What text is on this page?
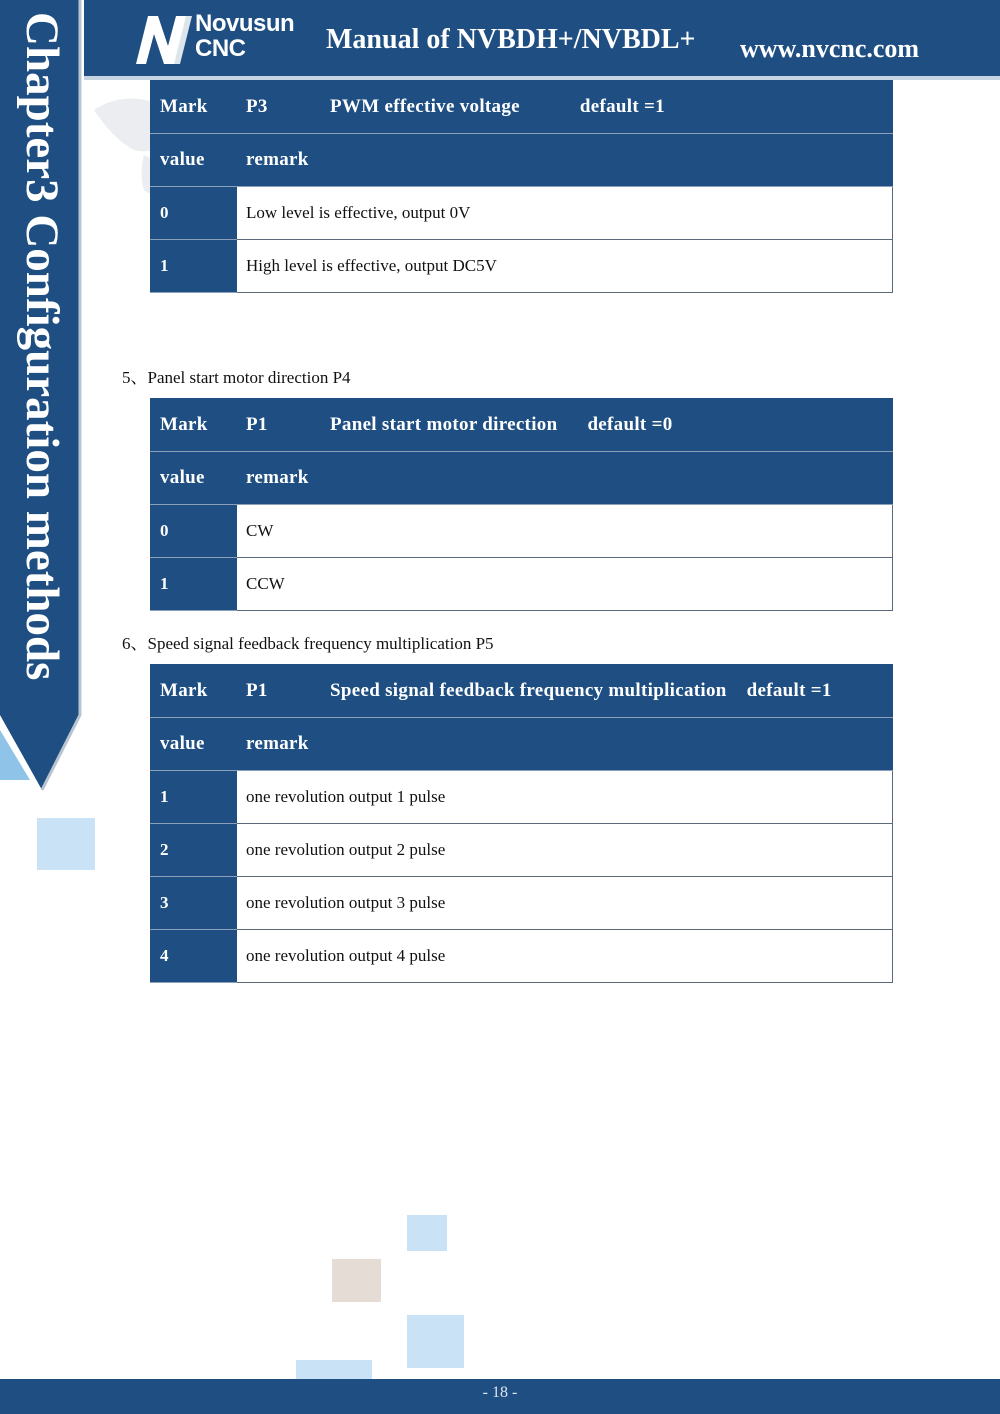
Novusun
CNC	Manual of NVBDH+/NVBDL+ www.nvcnc.com
Chapter3 Configuration methods	Mark	P3	PWM effective voltage default =1
value	remark	
0	Low level is effective, output 0V	
1	High level is effective, output DC5V	
5、Panel start motor direction P4
Mark	P1	Panel start motor direction default =0
value	remark	
0	CW	
1	CCW	
6、Speed signal feedback frequency multiplication P5
Mark	P1	Speed signal feedback frequency multiplication default =1
value	remark	
1	one revolution output 1 pulse	
2	one revolution output 2 pulse	
3	one revolution output 3 pulse	
4	one revolution output 4 pulse	
- 18 -
